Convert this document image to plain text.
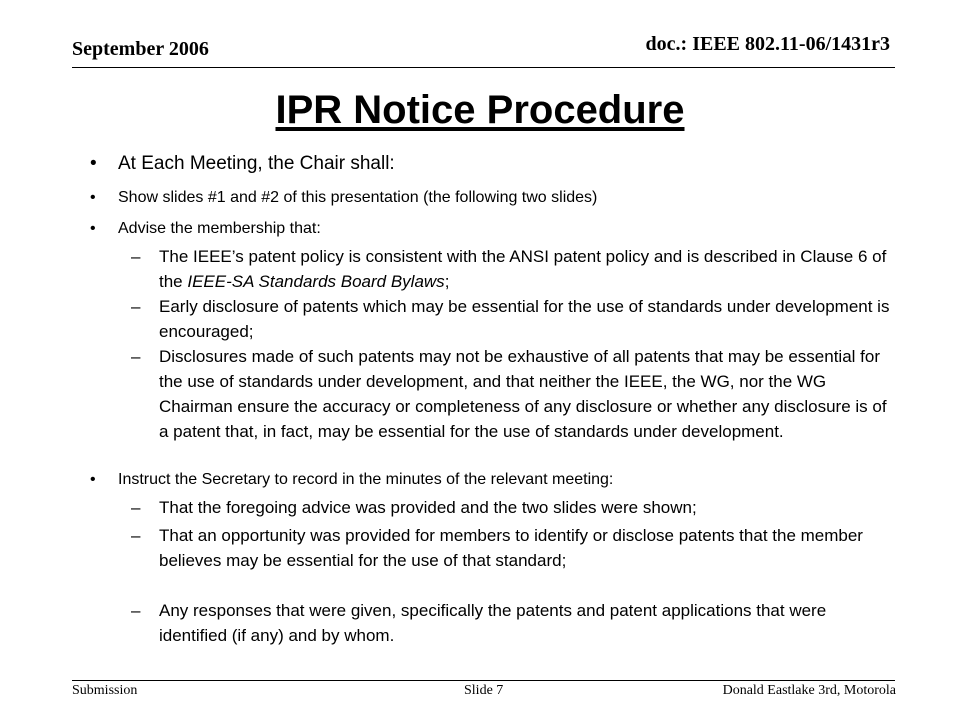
September 2006	doc.: IEEE 802.11-06/1431r3
IPR Notice Procedure
• At Each Meeting, the Chair shall:
• Show slides #1 and #2 of this presentation (the following two slides)
• Advise the membership that:
– The IEEE’s patent policy is consistent with the ANSI patent policy and is described in Clause 6 of the IEEE-SA Standards Board Bylaws;
– Early disclosure of patents which may be essential for the use of standards under development is encouraged;
– Disclosures made of such patents may not be exhaustive of all patents that may be essential for the use of standards under development, and that neither the IEEE, the WG, nor the WG Chairman ensure the accuracy or completeness of any disclosure or whether any disclosure is of a patent that, in fact, may be essential for the use of standards under development.
• Instruct the Secretary to record in the minutes of the relevant meeting:
– That the foregoing advice was provided and the two slides were shown;
– That an opportunity was provided for members to identify or disclose patents that the member believes may be essential for the use of that standard;
– Any responses that were given, specifically the patents and patent applications that were identified (if any) and by whom.
Submission	Slide 7	Donald Eastlake 3rd, Motorola
